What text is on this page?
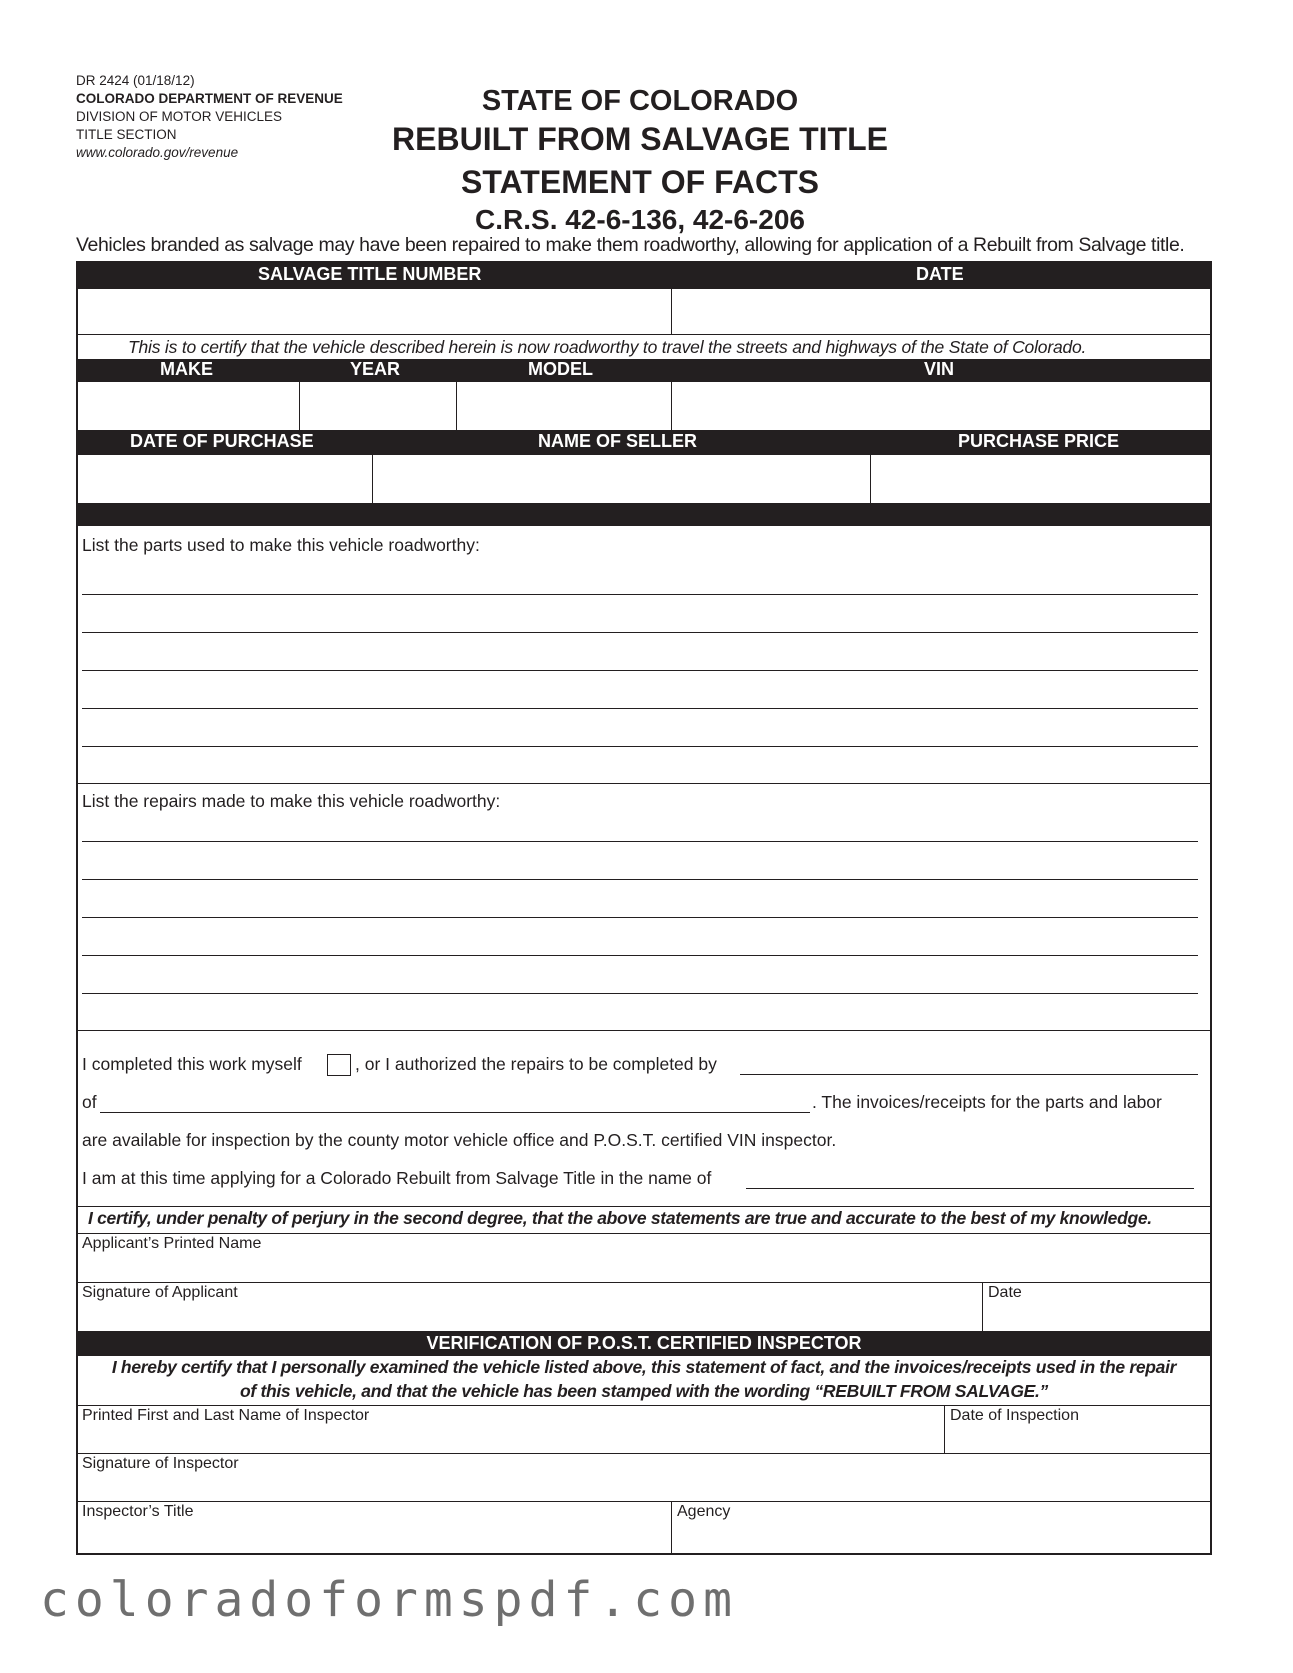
DR 2424 (01/18/12)
COLORADO DEPARTMENT OF REVENUE
DIVISION OF MOTOR VEHICLES
TITLE SECTION
www.colorado.gov/revenue
STATE OF COLORADO
REBUILT FROM SALVAGE TITLE
STATEMENT OF FACTS
C.R.S. 42-6-136, 42-6-206
Vehicles branded as salvage may have been repaired to make them roadworthy, allowing for application of a Rebuilt from Salvage title.
SALVAGE TITLE NUMBER	DATE
This is to certify that the vehicle described herein is now roadworthy to travel the streets and highways of the State of Colorado.
MAKE	YEAR	MODEL	VIN
DATE OF PURCHASE	NAME OF SELLER	PURCHASE PRICE
List the parts used to make this vehicle roadworthy:
List the repairs made to make this vehicle roadworthy:
I completed this work myself	, or I authorized the repairs to be completed by
of	. The invoices/receipts for the parts and labor
are available for inspection by the county motor vehicle office and P.O.S.T. certified VIN inspector.
I am at this time applying for a Colorado Rebuilt from Salvage Title in the name of
I certify, under penalty of perjury in the second degree, that the above statements are true and accurate to the best of my knowledge.
Applicant’s Printed Name
Signature of Applicant	Date
VERIFICATION OF P.O.S.T. CERTIFIED INSPECTOR
I hereby certify that I personally examined the vehicle listed above, this statement of fact, and the invoices/receipts used in the repair
of this vehicle, and that the vehicle has been stamped with the wording “REBUILT FROM SALVAGE.”
Printed First and Last Name of Inspector	Date of Inspection
Signature of Inspector
Inspector’s Title	Agency
coloradoformspdf.com
